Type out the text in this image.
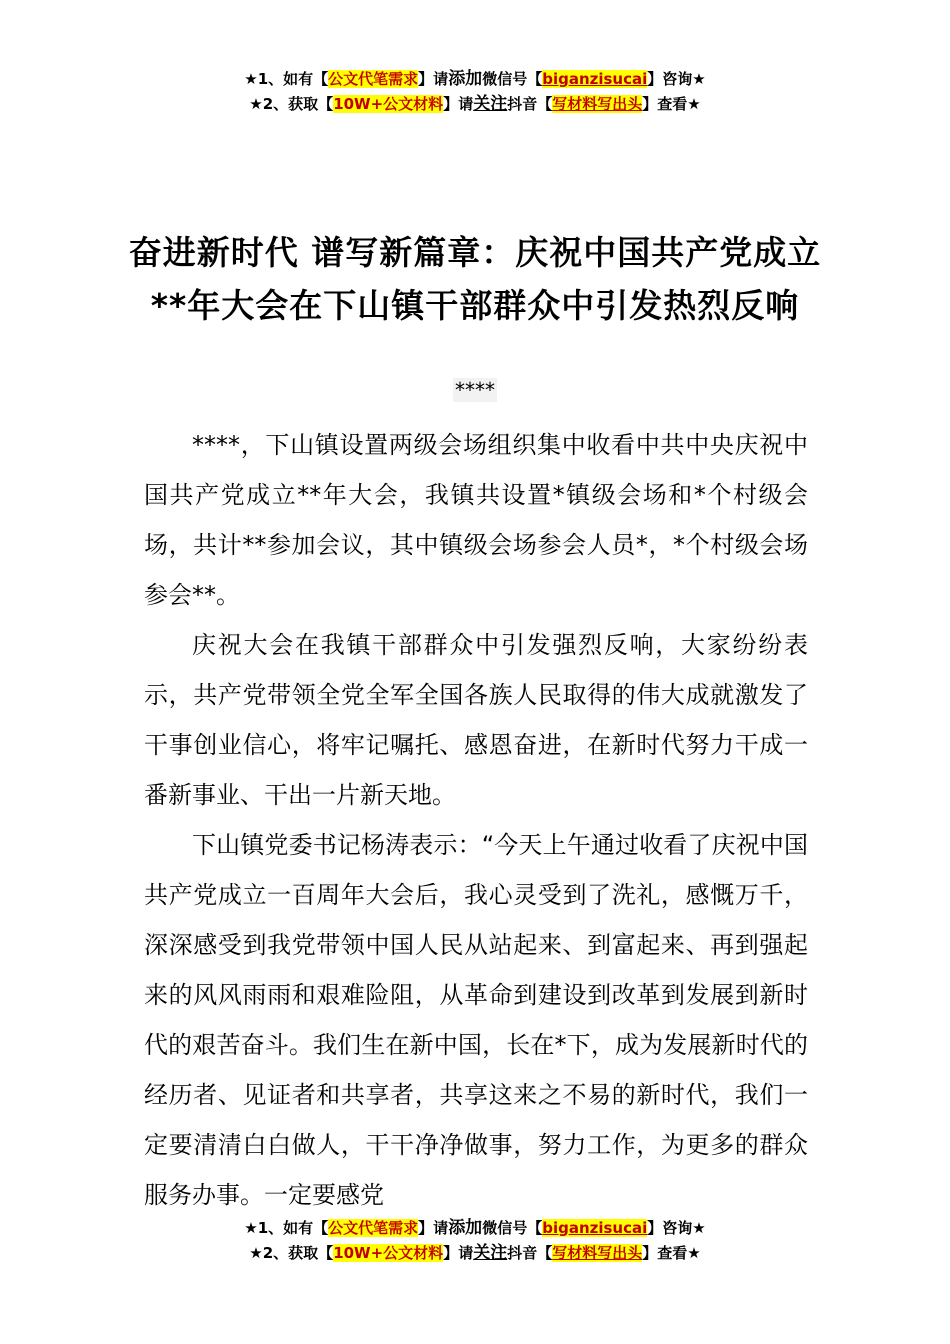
★1、如有【公文代笔需求】请添加微信号【biganzisucai】咨询★
★2、获取【10W+公文材料】请关注抖音【写材料写出头】查看★
奋进新时代 谱写新篇章：庆祝中国共产党成立**年大会在下山镇干部群众中引发热烈反响
****

****，下山镇设置两级会场组织集中收看中共中央庆祝中国共产党成立**年大会，我镇共设置*镇级会场和*个村级会场，共计**参加会议，其中镇级会场参会人员*，*个村级会场参会**。

庆祝大会在我镇干部群众中引发强烈反响，大家纷纷表示，共产党带领全党全军全国各族人民取得的伟大成就激发了干事创业信心，将牢记嘱托、感恩奋进，在新时代努力干成一番新事业、干出一片新天地。

下山镇党委书记杨涛表示：“今天上午通过收看了庆祝中国共产党成立一百周年大会后，我心灵受到了洗礼，感慨万千，深深感受到我党带领中国人民从站起来、到富起来、再到强起来的风风雨雨和艰难险阻，从革命到建设到改革到发展到新时代的艰苦奋斗。我们生在新中国，长在*下，成为发展新时代的经历者、见证者和共享者，共享这来之不易的新时代，我们一定要清清白白做人，干干净净做事，努力工作，为更多的群众服务办事。一定要感党

★1、如有【公文代笔需求】请添加微信号【biganzisucai】咨询★
★2、获取【10W+公文材料】请关注抖音【写材料写出头】查看★
